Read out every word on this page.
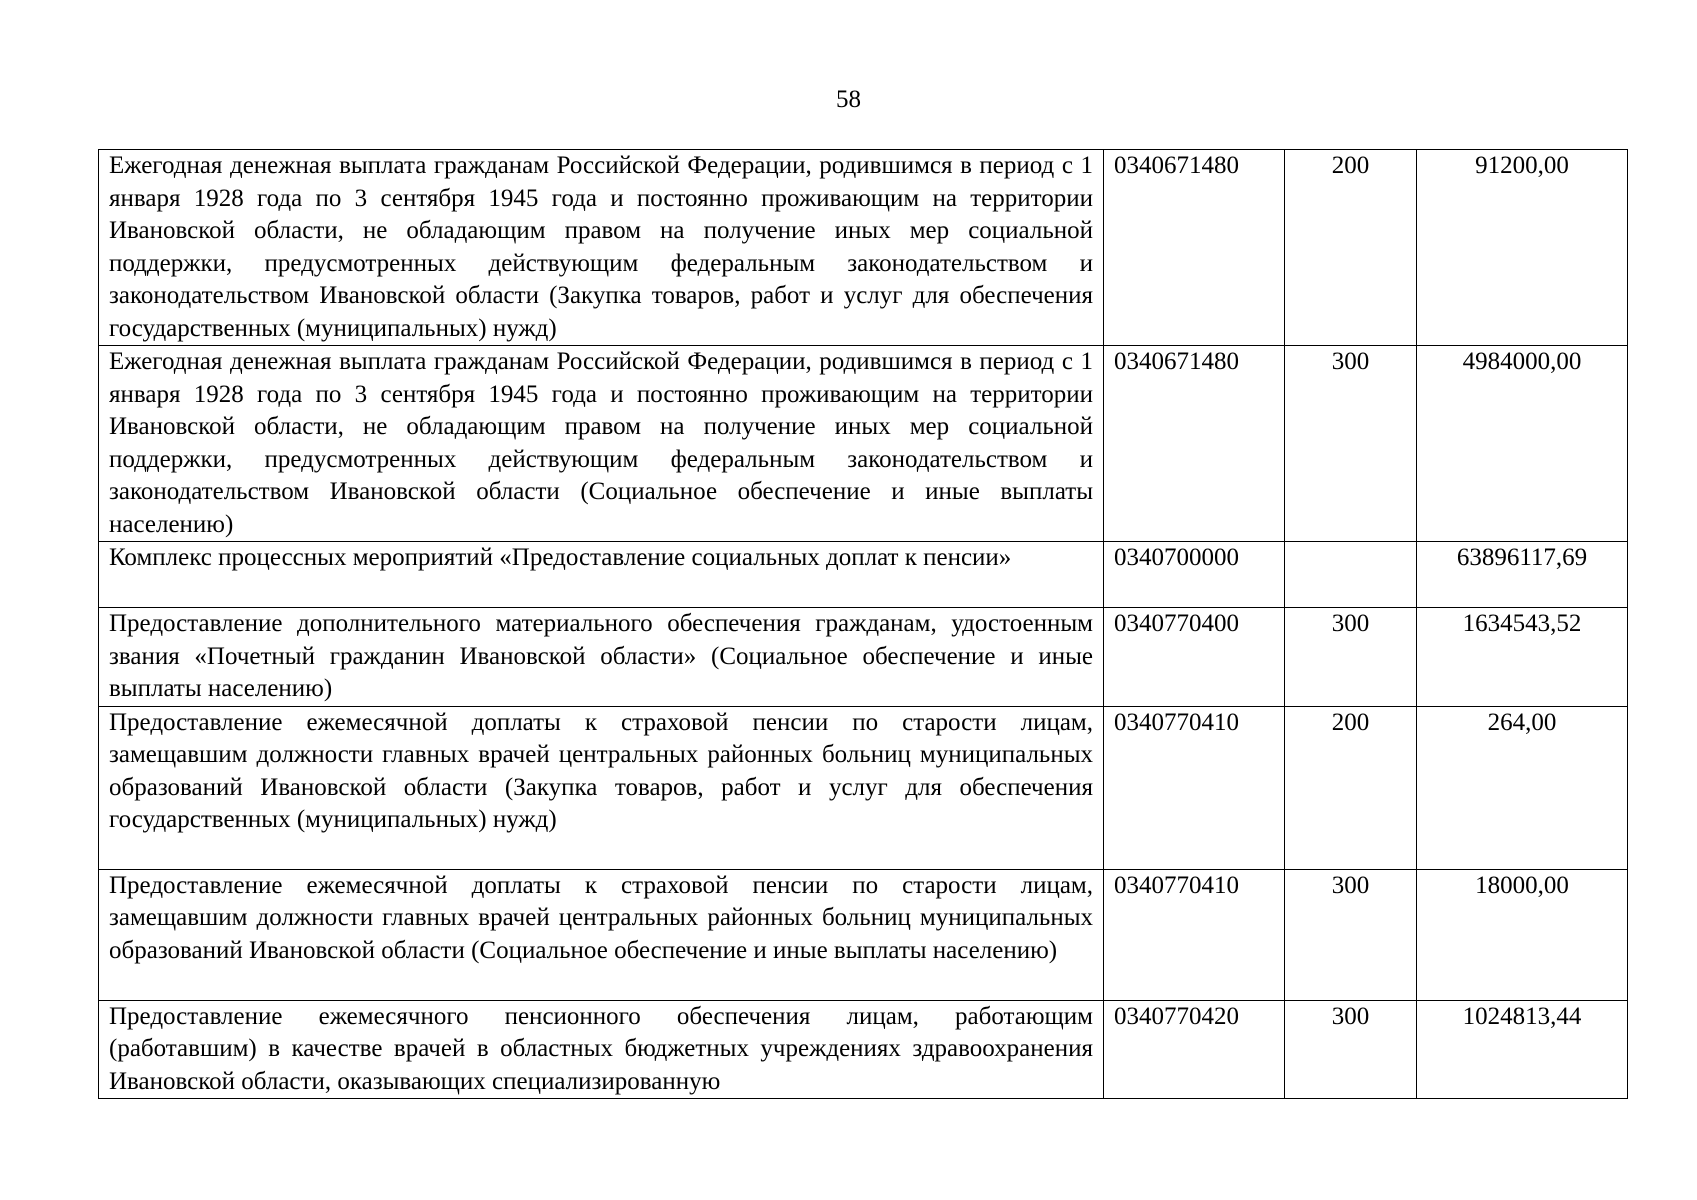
58
Ежегодная денежная выплата гражданам Российской Федерации, родившимся в период с 1 января 1928 года по 3 сентября 1945 года и постоянно проживающим на территории Ивановской области, не обладающим правом на получение иных мер социальной поддержки, предусмотренных действующим федеральным законодательством и законодательством Ивановской области (Закупка товаров, работ и услуг для обеспечения государственных (муниципальных) нужд)	0340671480	200	91200,00
Ежегодная денежная выплата гражданам Российской Федерации, родившимся в период с 1 января 1928 года по 3 сентября 1945 года и постоянно проживающим на территории Ивановской области, не обладающим правом на получение иных мер социальной поддержки, предусмотренных действующим федеральным законодательством и законодательством Ивановской области (Социальное обеспечение и иные выплаты населению)	0340671480	300	4984000,00
Комплекс процессных мероприятий «Предоставление социальных доплат к пенсии»	0340700000		63896117,69
Предоставление дополнительного материального обеспечения гражданам, удостоенным звания «Почетный гражданин Ивановской области» (Социальное обеспечение и иные выплаты населению)	0340770400	300	1634543,52
Предоставление ежемесячной доплаты к страховой пенсии по старости лицам, замещавшим должности главных врачей центральных районных больниц муниципальных образований Ивановской области (Закупка товаров, работ и услуг для обеспечения государственных (муниципальных) нужд)	0340770410	200	264,00
Предоставление ежемесячной доплаты к страховой пенсии по старости лицам, замещавшим должности главных врачей центральных районных больниц муниципальных образований Ивановской области (Социальное обеспечение и иные выплаты населению)	0340770410	300	18000,00

Предоставление ежемесячного пенсионного обеспечения лицам, работающим (работавшим) в качестве врачей в областных бюджетных учреждениях здравоохранения Ивановской области, оказывающих специализированную	0340770420	300	1024813,44
